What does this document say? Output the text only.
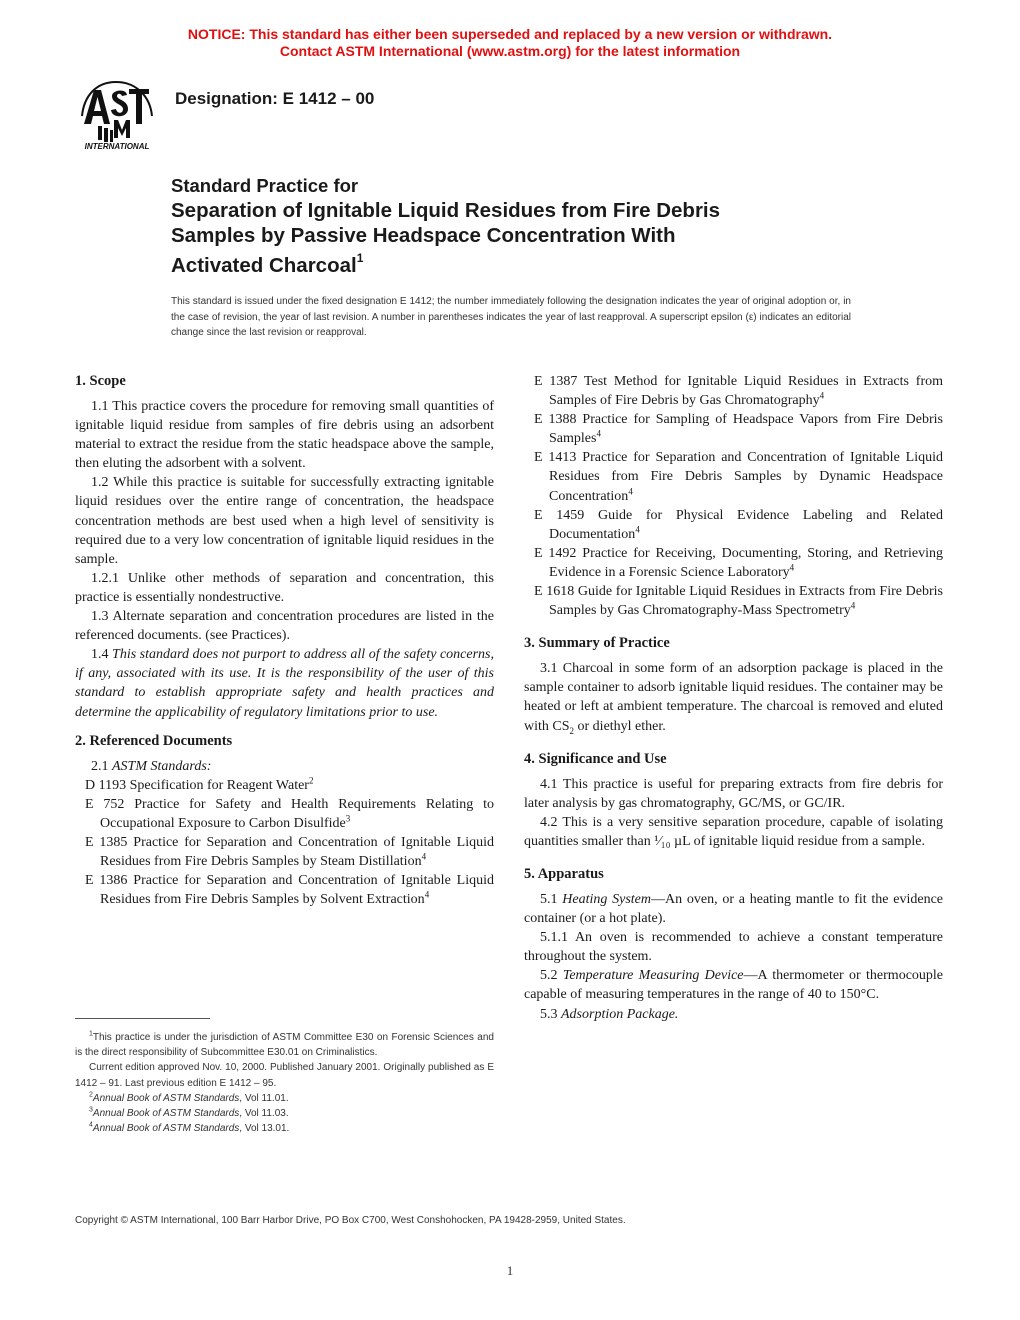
NOTICE: This standard has either been superseded and replaced by a new version or withdrawn.
Contact ASTM International (www.astm.org) for the latest information
INTERNATIONAL
Designation: E 1412 – 00
Standard Practice for
Separation of Ignitable Liquid Residues from Fire Debris
Samples by Passive Headspace Concentration With
Activated Charcoal$^1$
This standard is issued under the fixed designation E 1412; the number immediately following the designation indicates the year of original adoption or, in the case of revision, the year of last revision. A number in parentheses indicates the year of last reapproval. A superscript epsilon (ε) indicates an editorial change since the last revision or reapproval.
1. Scope

1.1 This practice covers the procedure for removing small quantities of ignitable liquid residue from samples of fire debris using an adsorbent material to extract the residue from the static headspace above the sample, then eluting the adsorbent with a solvent.

1.2 While this practice is suitable for successfully extracting ignitable liquid residues over the entire range of concentration, the headspace concentration methods are best used when a high level of sensitivity is required due to a very low concentration of ignitable liquid residues in the sample.

1.2.1 Unlike other methods of separation and concentration, this practice is essentially nondestructive.

1.3 Alternate separation and concentration procedures are listed in the referenced documents. (see Practices).

1.4 This standard does not purport to address all of the safety concerns, if any, associated with its use. It is the responsibility of the user of this standard to establish appropriate safety and health practices and determine the applicability of regulatory limitations prior to use.

2. Referenced Documents

2.1 ASTM Standards:

D 1193 Specification for Reagent Water$^2$

E 752 Practice for Safety and Health Requirements Relating to Occupational Exposure to Carbon Disulfide$^3$

E 1385 Practice for Separation and Concentration of Ignitable Liquid Residues from Fire Debris Samples by Steam Distillation$^4$

E 1386 Practice for Separation and Concentration of Ignitable Liquid Residues from Fire Debris Samples by Solvent Extraction$^4$

$^1$This practice is under the jurisdiction of ASTM Committee E30 on Forensic Sciences and is the direct responsibility of Subcommittee E30.01 on Criminalistics.

Current edition approved Nov. 10, 2000. Published January 2001. Originally published as E 1412 – 91. Last previous edition E 1412 – 95.

$^2$Annual Book of ASTM Standards, Vol 11.01.

$^3$Annual Book of ASTM Standards, Vol 11.03.

$^4$Annual Book of ASTM Standards, Vol 13.01.

E 1387 Test Method for Ignitable Liquid Residues in Extracts from Samples of Fire Debris by Gas Chromatography$^4$

E 1388 Practice for Sampling of Headspace Vapors from Fire Debris Samples$^4$

E 1413 Practice for Separation and Concentration of Ignitable Liquid Residues from Fire Debris Samples by Dynamic Headspace Concentration$^4$

E 1459 Guide for Physical Evidence Labeling and Related Documentation$^4$

E 1492 Practice for Receiving, Documenting, Storing, and Retrieving Evidence in a Forensic Science Laboratory$^4$

E 1618 Guide for Ignitable Liquid Residues in Extracts from Fire Debris Samples by Gas Chromatography-Mass Spectrometry$^4$

3. Summary of Practice

3.1 Charcoal in some form of an adsorption package is placed in the sample container to adsorb ignitable liquid residues. The container may be heated or left at ambient temperature. The charcoal is removed and eluted with $CS_2$ or diethyl ether.

4. Significance and Use

4.1 This practice is useful for preparing extracts from fire debris for later analysis by gas chromatography, GC/MS, or GC/IR.

4.2 This is a very sensitive separation procedure, capable of isolating quantities smaller than ¹⁄₁₀ µL of ignitable liquid residue from a sample.

5. Apparatus

5.1 Heating System—An oven, or a heating mantle to fit the evidence container (or a hot plate).

5.1.1 An oven is recommended to achieve a constant temperature throughout the system.

5.2 Temperature Measuring Device—A thermometer or thermocouple capable of measuring temperatures in the range of 40 to 150°C.

5.3 Adsorption Package.

Copyright © ASTM International, 100 Barr Harbor Drive, PO Box C700, West Conshohocken, PA 19428-2959, United States.
1
